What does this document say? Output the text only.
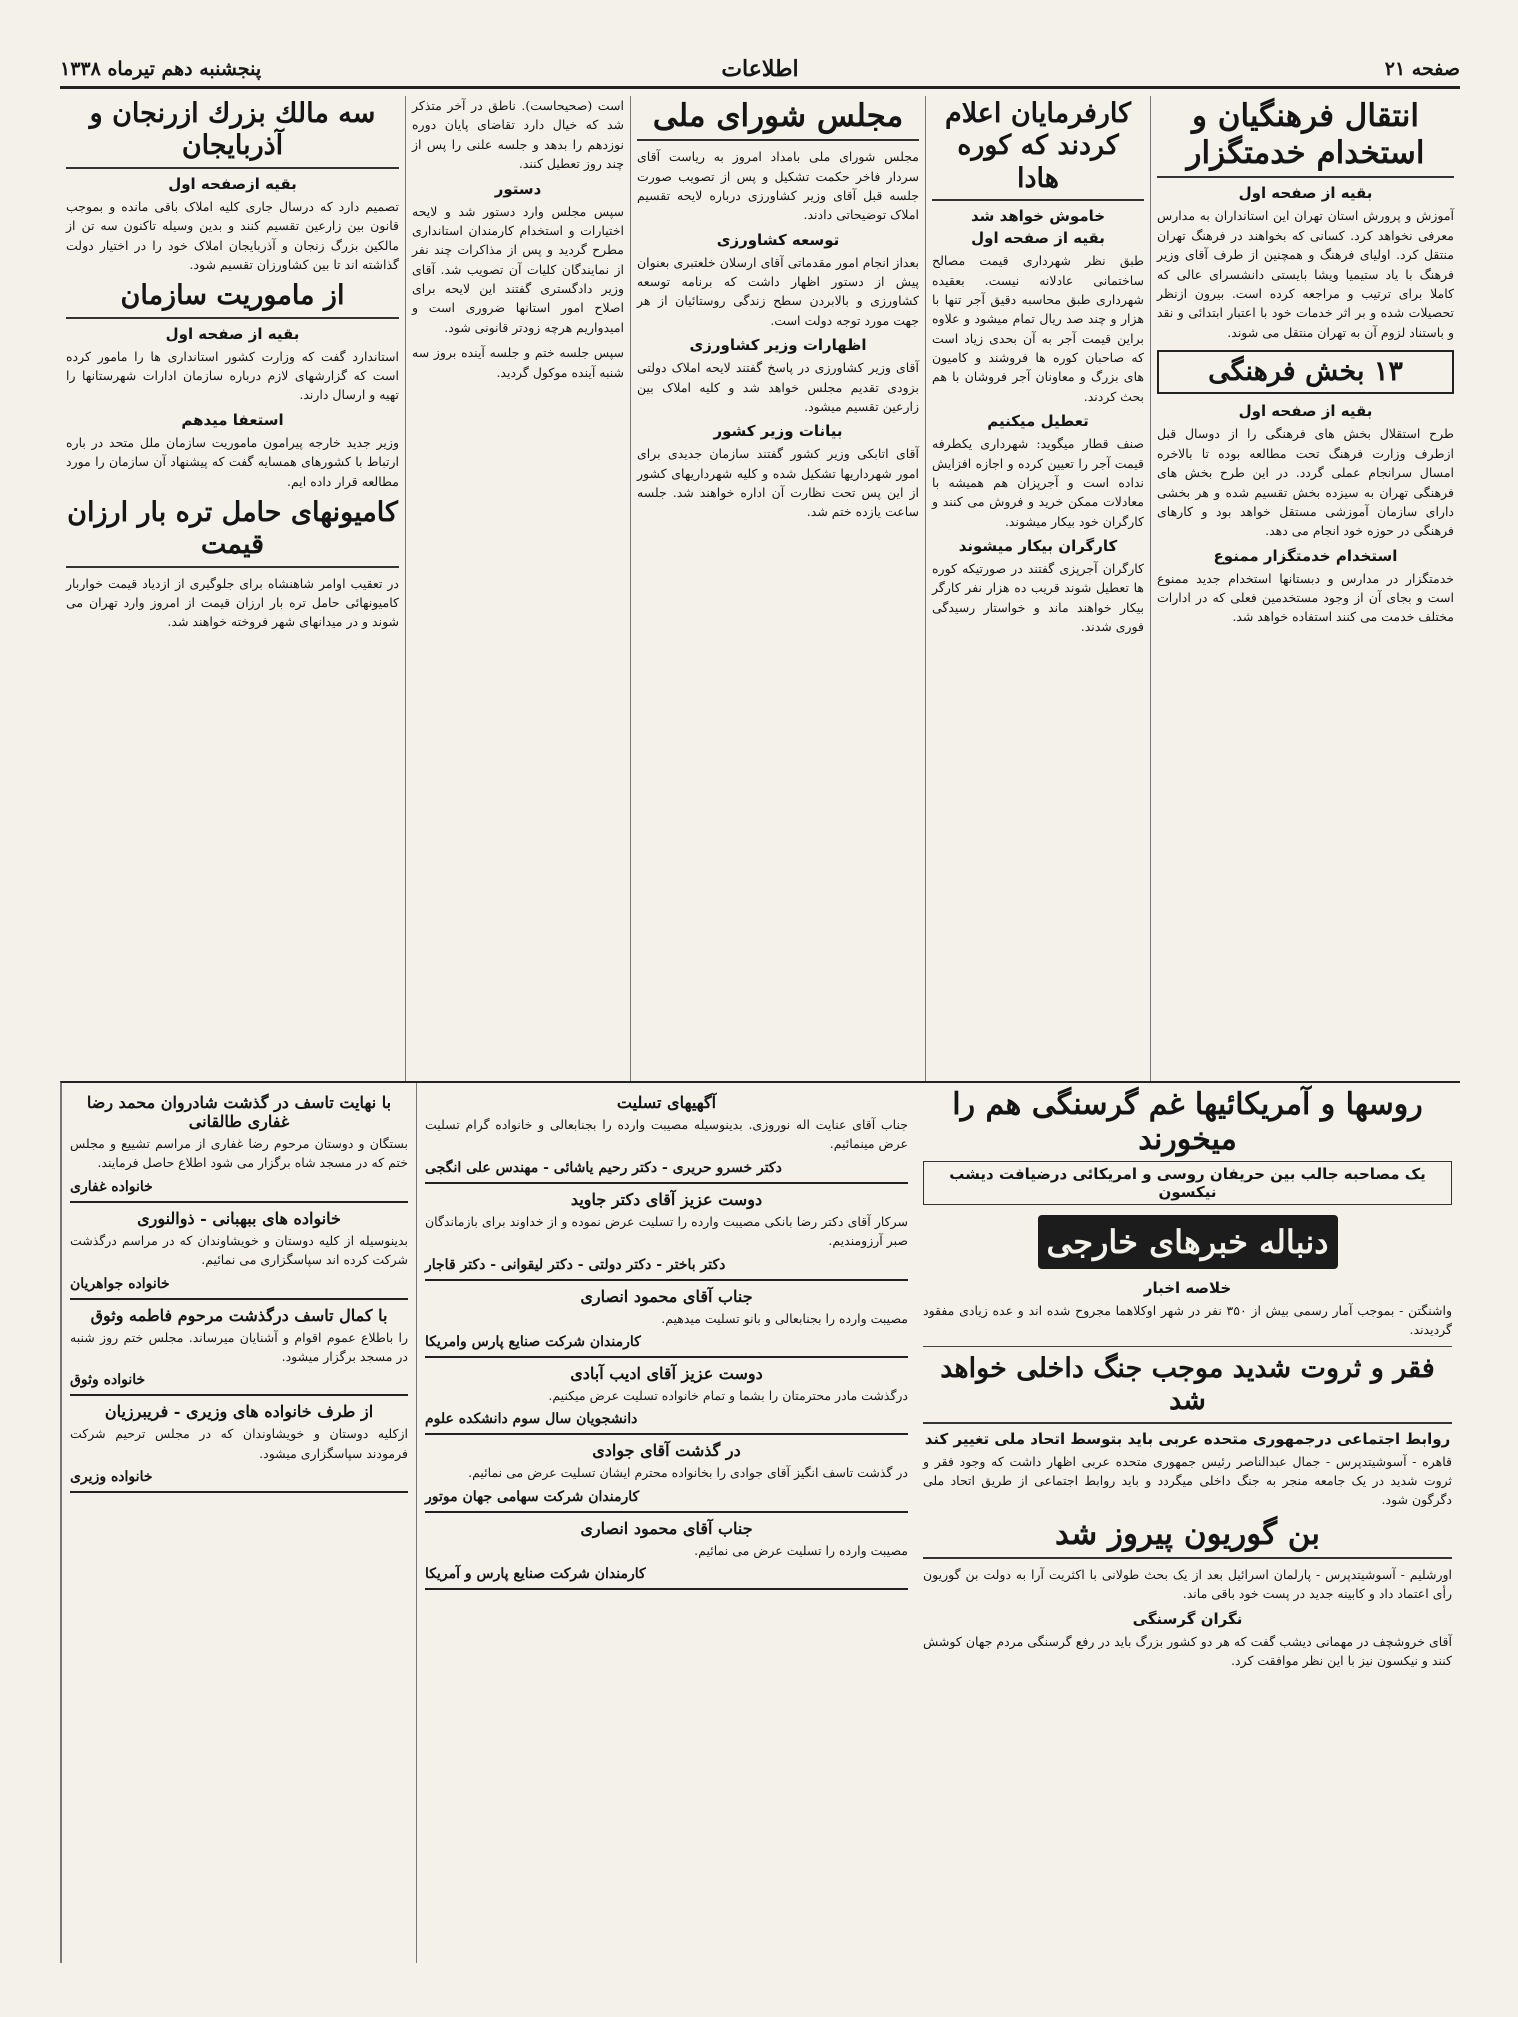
صفحه ۲۱
اطلاعات
پنجشنبه دهم تیرماه ۱۳۳۸
انتقال فرهنگیان و استخدام خدمتگزار
بقیه از صفحه اول

آموزش و پرورش استان تهران این استانداران به مدارس معرفی نخواهد کرد. کسانی که بخواهند در فرهنگ تهران منتقل کرد. اولیای فرهنگ و همچنین از طرف آقای وزیر فرهنگ با یاد ستیمیا ویشا بایستی دانشسرای عالی که کاملا برای ترتیب و مراجعه کرده است. بیرون ازنظر تحصیلات شده و بر اثر خدمات خود با اعتبار ابتدائی و نقد و باستناد لزوم آن به تهران منتقل می شوند.

۱۳ بخش فرهنگی
بقیه از صفحه اول

طرح استقلال بخش های فرهنگی را از دوسال قبل ازطرف وزارت فرهنگ تحت مطالعه بوده تا بالاخره امسال سرانجام عملی گردد. در این طرح بخش های فرهنگی تهران به سیزده بخش تقسیم شده و هر بخشی دارای سازمان آموزشی مستقل خواهد بود و کارهای فرهنگی در حوزه خود انجام می دهد.

استخدام خدمتگزار ممنوع

خدمتگزار در مدارس و دبستانها استخدام جدید ممنوع است و بجای آن از وجود مستخدمین فعلی که در ادارات مختلف خدمت می کنند استفاده خواهد شد.

کارفرمایان اعلام کردند که کوره هادا
خاموش خواهد شد
بقیه از صفحه اول

طبق نظر شهرداری قیمت مصالح ساختمانی عادلانه نیست. بعقیده شهرداری طبق محاسبه دقیق آجر تنها با هزار و چند صد ریال تمام میشود و علاوه براین قیمت آجر به آن بحدی زیاد است که صاحبان کوره ها فروشند و کامیون های بزرگ و معاونان آجر فروشان با هم بحث کردند.

تعطیل میکنیم

صنف قطار میگوید: شهرداری یکطرفه قیمت آجر را تعیین کرده و اجازه افزایش نداده است و آجرپزان هم همیشه با معادلات ممکن خرید و فروش می کنند و کارگران خود بیکار میشوند.

کارگران بیکار میشوند

کارگران آجرپزی گفتند در صورتیکه کوره ها تعطیل شوند قریب ده هزار نفر کارگر بیکار خواهند ماند و خواستار رسیدگی فوری شدند.

مجلس شورای ملی

مجلس شورای ملی بامداد امروز به ریاست آقای سردار فاخر حکمت تشکیل و پس از تصویب صورت جلسه قبل آقای وزیر کشاورزی درباره لایحه تقسیم املاک توضیحاتی دادند.

توسعه کشاورزی

بعداز انجام امور مقدماتی آقای ارسلان خلعتبری بعنوان پیش از دستور اظهار داشت که برنامه توسعه کشاورزی و بالابردن سطح زندگی روستائیان از هر جهت مورد توجه دولت است.

اظهارات وزیر کشاورزی

آقای وزیر کشاورزی در پاسخ گفتند لایحه املاک دولتی بزودی تقدیم مجلس خواهد شد و کلیه املاک بین زارعین تقسیم میشود.

بیانات وزیر کشور

آقای اتابکی وزیر کشور گفتند سازمان جدیدی برای امور شهرداریها تشکیل شده و کلیه شهرداریهای کشور از این پس تحت نظارت آن اداره خواهند شد. جلسه ساعت یازده ختم شد.

است (صحیحاست). ناطق در آخر متذکر شد که خیال دارد تقاضای پایان دوره نوزدهم را بدهد و جلسه علنی را پس از چند روز تعطیل کنند.

دستور

سپس مجلس وارد دستور شد و لایحه اختیارات و استخدام کارمندان استانداری مطرح گردید و پس از مذاکرات چند نفر از نمایندگان کلیات آن تصویب شد. آقای وزیر دادگستری گفتند این لایحه برای اصلاح امور استانها ضروری است و امیدواریم هرچه زودتر قانونی شود.

سپس جلسه ختم و جلسه آینده بروز سه شنبه آینده موکول گردید.

سه مالك بزرك ازرنجان و آذربایجان
بقیه ازصفحه اول

تصمیم دارد که درسال جاری کلیه املاک باقی مانده و بموجب قانون بین زارعین تقسیم کنند و بدین وسیله تاکنون سه تن از مالکین بزرگ زنجان و آذربایجان املاک خود را در اختیار دولت گذاشته اند تا بین کشاورزان تقسیم شود.

از ماموریت سازمان
بقیه از صفحه اول

استاندارد گفت که وزارت کشور استانداری ها را مامور کرده است که گزارشهای لازم درباره سازمان ادارات شهرستانها را تهیه و ارسال دارند.

استعفا میدهم

وزیر جدید خارجه پیرامون ماموریت سازمان ملل متحد در باره ارتباط با کشورهای همسایه گفت که پیشنهاد آن سازمان را مورد مطالعه قرار داده ایم.

کامیونهای حامل تره بار ارزان قیمت

در تعقیب اوامر شاهنشاه برای جلوگیری از ازدیاد قیمت خواربار کامیونهائی حامل تره بار ارزان قیمت از امروز وارد تهران می شوند و در میدانهای شهر فروخته خواهند شد.

آگهیهای تسلیت
جناب آقای عنایت اله نوروزی. بدینوسیله مصیبت وارده را بجنابعالی و خانواده گرام تسلیت عرض مینمائیم.
دکتر خسرو حریری - دکتر رحیم یاشائی - مهندس علی انگجی
دوست عزیز آقای دکتر جاوید
سرکار آقای دکتر رضا بانکی مصیبت وارده را تسلیت عرض نموده و از خداوند برای بازماندگان صبر آرزومندیم.
دکتر باختر - دکتر دولتی - دکتر لیقوانی - دکتر قاجار
جناب آقای محمود انصاری
مصیبت وارده را بجنابعالی و بانو تسلیت میدهیم.
کارمندان شرکت صنایع پارس وامریکا
دوست عزیز آقای ادیب آبادی
درگذشت مادر محترمتان را بشما و تمام خانواده تسلیت عرض میکنیم.
دانشجویان سال سوم دانشکده علوم
در گذشت آقای جوادی
در گذشت تاسف انگیز آقای جوادی را بخانواده محترم ایشان تسلیت عرض می نمائیم.
کارمندان شرکت سهامی جهان موتور
جناب آقای محمود انصاری
مصیبت وارده را تسلیت عرض می نمائیم.
کارمندان شرکت صنایع پارس و آمریکا
با نهایت تاسف در گذشت شادروان محمد رضا غفاری طالقانی
بستگان و دوستان مرحوم رضا غفاری از مراسم تشییع و مجلس ختم که در مسجد شاه برگزار می شود اطلاع حاصل فرمایند.
خانواده غفاری
خانواده های ببهبانی - ذوالنوری
بدینوسیله از کلیه دوستان و خویشاوندان که در مراسم درگذشت شرکت کرده اند سپاسگزاری می نمائیم.
خانواده جواهریان
با کمال تاسف درگذشت مرحوم فاطمه وثوق
را باطلاع عموم اقوام و آشنایان میرساند. مجلس ختم روز شنبه در مسجد برگزار میشود.
خانواده وثوق
از طرف خانواده های وزیری - فریبرزیان
ازکلیه دوستان و خویشاوندان که در مجلس ترحیم شرکت فرمودند سپاسگزاری میشود.
خانواده وزیری
روسها و آمریکائیها غم گرسنگی هم را میخورند
یک مصاحبه جالب بین حریفان روسی و امریکائی درضیافت دیشب نیکسون
دنباله خبرهای خارجی
خلاصه اخبار

واشنگتن - بموجب آمار رسمی بیش از ۳۵۰ نفر در شهر اوکلاهما مجروح شده اند و عده زیادی مفقود گردیدند.

فقر و ثروت شدید موجب جنگ داخلی خواهد شد
روابط اجتماعی درجمهوری متحده عربی باید بتوسط اتحاد ملی تغییر کند

قاهره - آسوشیتدپرس - جمال عبدالناصر رئیس جمهوری متحده عربی اظهار داشت که وجود فقر و ثروت شدید در یک جامعه منجر به جنگ داخلی میگردد و باید روابط اجتماعی از طریق اتحاد ملی دگرگون شود.

بن گوریون پیروز شد

اورشلیم - آسوشیتدپرس - پارلمان اسرائیل بعد از یک بحث طولانی با اکثریت آرا به دولت بن گوریون رأی اعتماد داد و کابینه جدید در پست خود باقی ماند.

نگران گرسنگی

آقای خروشچف در مهمانی دیشب گفت که هر دو کشور بزرگ باید در رفع گرسنگی مردم جهان کوشش کنند و نیکسون نیز با این نظر موافقت کرد.
